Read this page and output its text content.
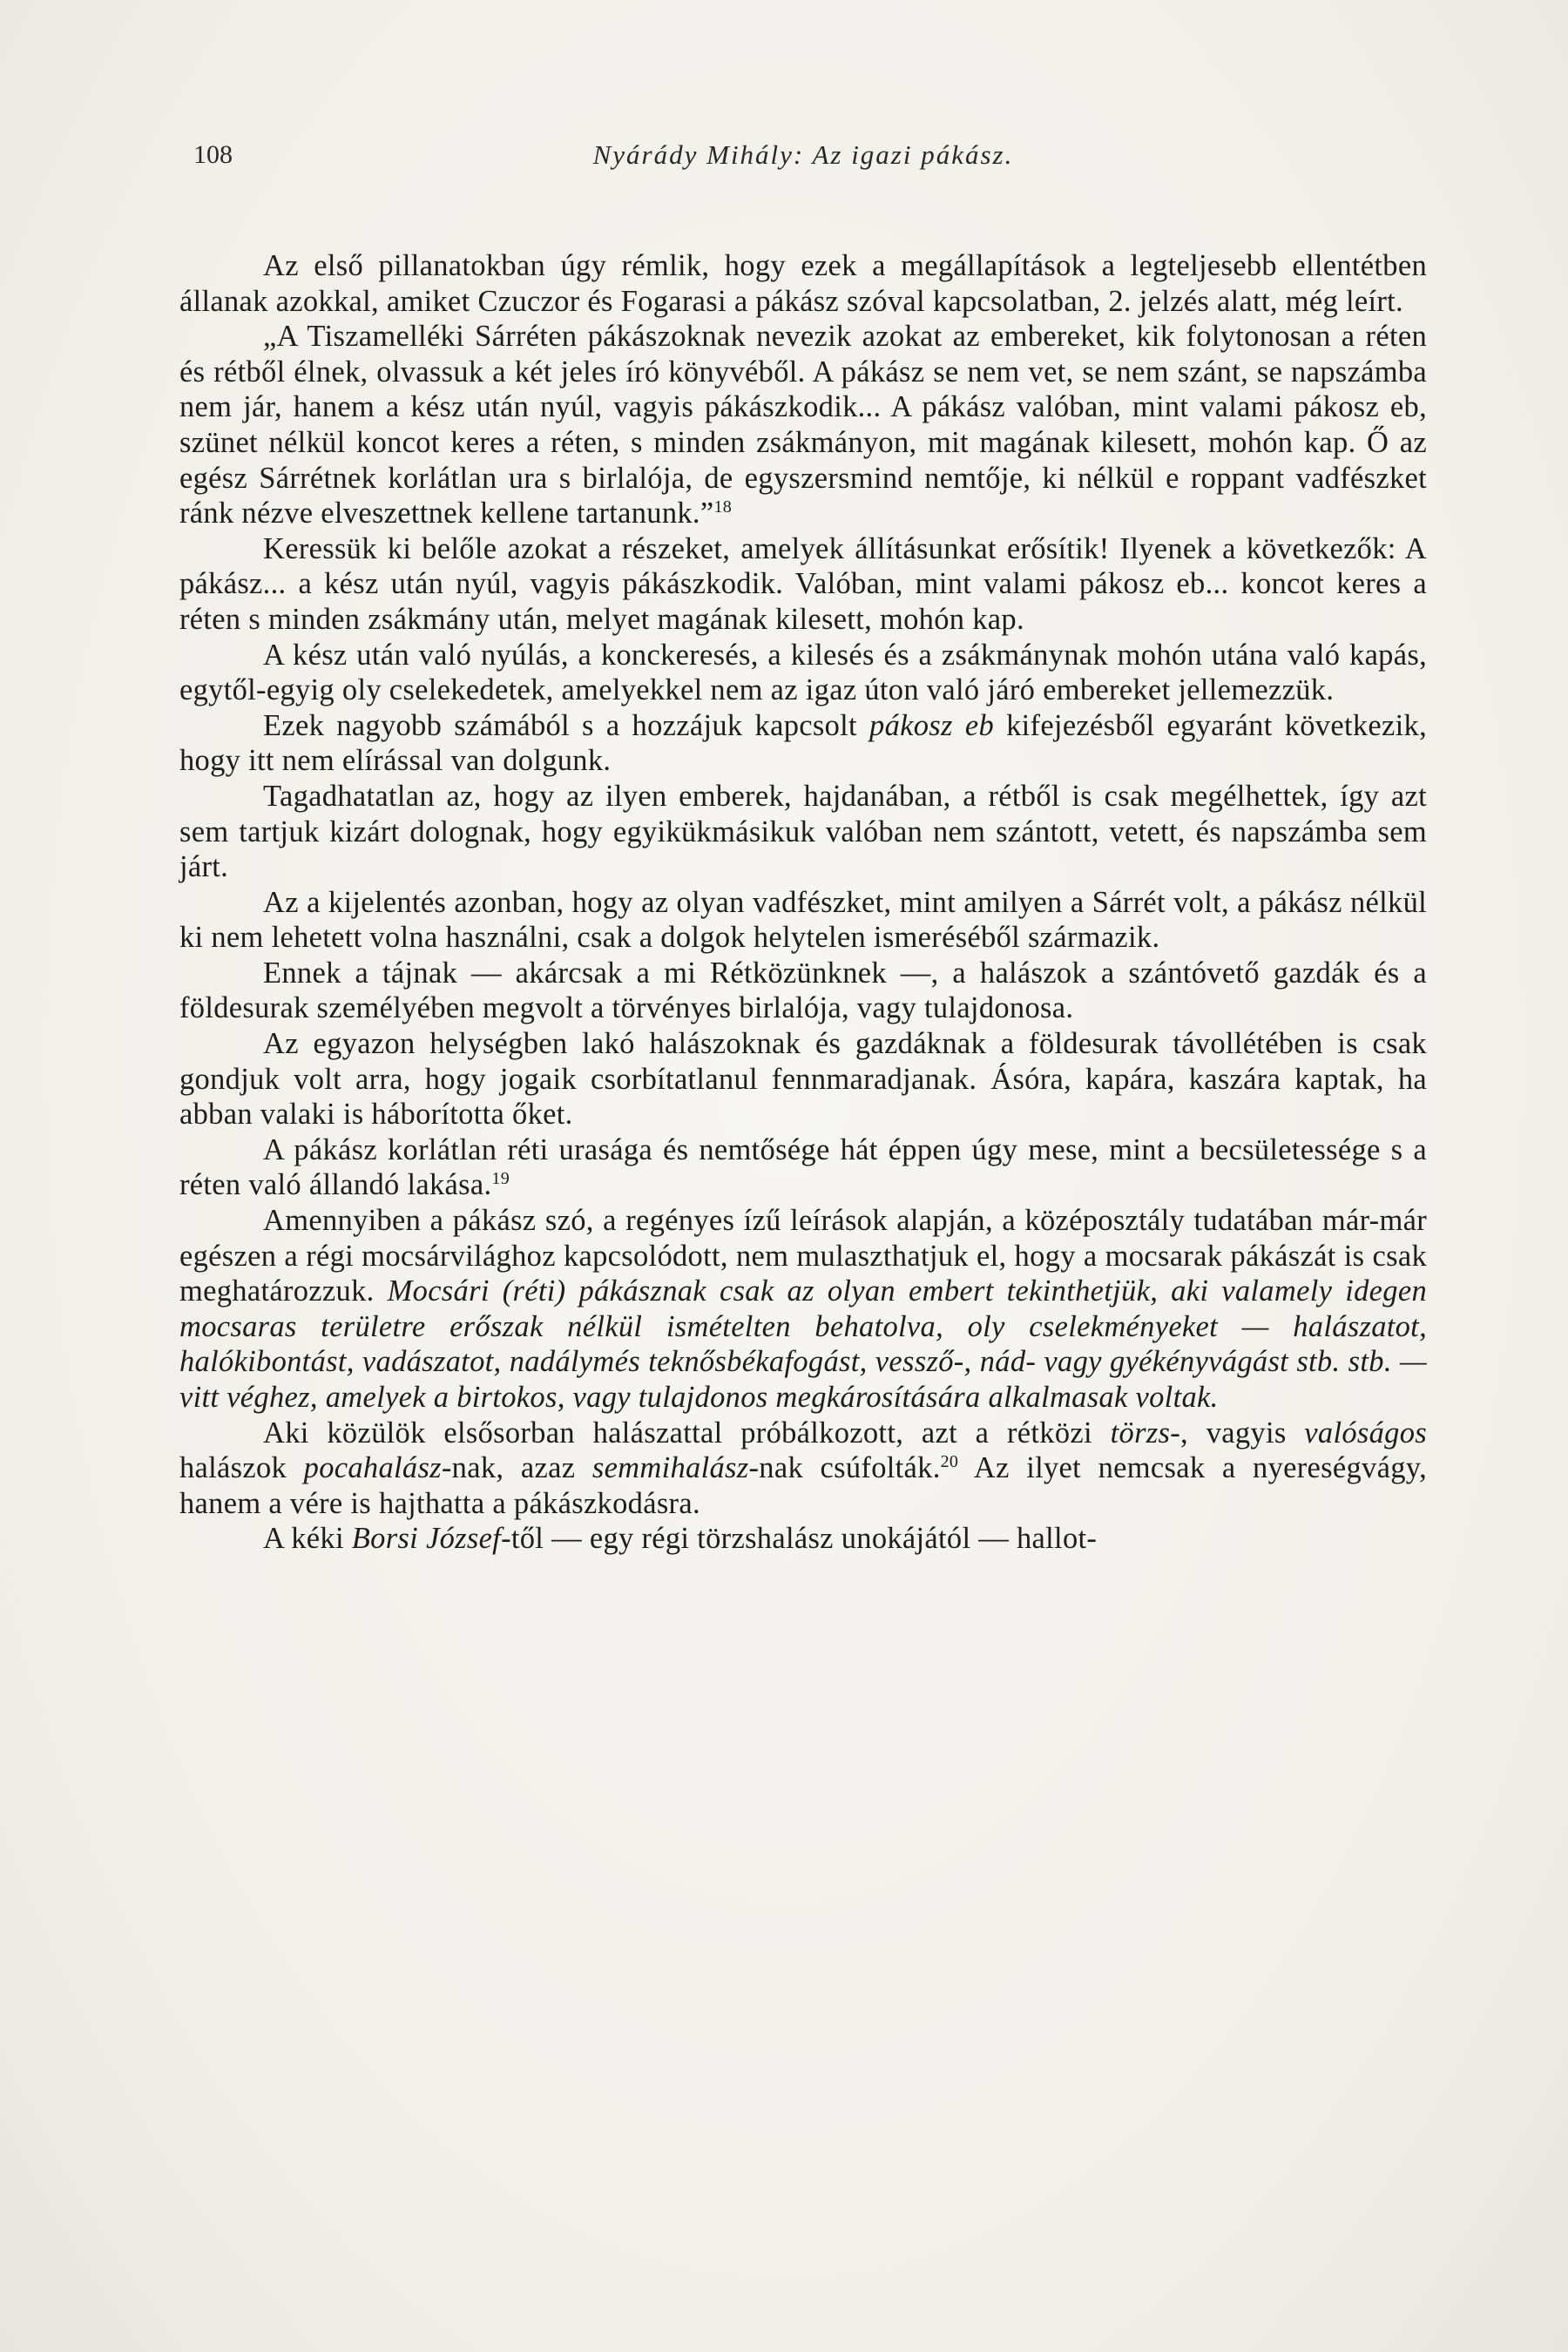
108	Nyárády Mihály: Az igazi pákász.

Az első pillanatokban úgy rémlik, hogy ezek a megállapítások a legteljesebb ellentétben állanak azokkal, amiket Czuczor és Fogarasi a pákász szóval kapcsolatban, 2. jelzés alatt, még leírt.

„A Tiszamelléki Sárréten pákászoknak nevezik azokat az embereket, kik folytonosan a réten és rétből élnek, olvassuk a két jeles író könyvéből. A pákász se nem vet, se nem szánt, se napszámba nem jár, hanem a kész után nyúl, vagyis pákászkodik... A pákász valóban, mint valami pákosz eb, szünet nélkül koncot keres a réten, s minden zsákmányon, mit magának kilesett, mohón kap. Ő az egész Sárrétnek korlátlan ura s birlalója, de egyszersmind nemtője, ki nélkül e roppant vadfészket ránk nézve elveszettnek kellene tartanunk.”$^{18}$

Keressük ki belőle azokat a részeket, amelyek állításunkat erősítik! Ilyenek a következők: A pákász... a kész után nyúl, vagyis pákászkodik. Valóban, mint valami pákosz eb... koncot keres a réten s minden zsákmány után, melyet magának kilesett, mohón kap.

A kész után való nyúlás, a konckeresés, a kilesés és a zsákmánynak mohón utána való kapás, egytől-egyig oly cselekedetek, amelyekkel nem az igaz úton való járó embereket jellemezzük.

Ezek nagyobb számából s a hozzájuk kapcsolt pákosz eb kifejezésből egyaránt következik, hogy itt nem elírással van dolgunk.

Tagadhatatlan az, hogy az ilyen emberek, hajdanában, a rétből is csak megélhettek, így azt sem tartjuk kizárt dolognak, hogy egyikükmásikuk valóban nem szántott, vetett, és napszámba sem járt.

Az a kijelentés azonban, hogy az olyan vadfészket, mint amilyen a Sárrét volt, a pákász nélkül ki nem lehetett volna használni, csak a dolgok helytelen ismeréséből származik.

Ennek a tájnak — akárcsak a mi Rétközünknek —, a halászok a szántóvető gazdák és a földesurak személyében megvolt a törvényes birlalója, vagy tulajdonosa.

Az egyazon helységben lakó halászoknak és gazdáknak a földesurak távollétében is csak gondjuk volt arra, hogy jogaik csorbítatlanul fennmaradjanak. Ásóra, kapára, kaszára kaptak, ha abban valaki is háborította őket.

A pákász korlátlan réti urasága és nemtősége hát éppen úgy mese, mint a becsületessége s a réten való állandó lakása.$^{19}$

Amennyiben a pákász szó, a regényes ízű leírások alapján, a középosztály tudatában már-már egészen a régi mocsárvilághoz kapcsolódott, nem mulaszthatjuk el, hogy a mocsarak pákászát is csak meghatározzuk. Mocsári (réti) pákásznak csak az olyan embert tekinthetjük, aki valamely idegen mocsaras területre erőszak nélkül ismételten behatolva, oly cselekményeket — halászatot, halókibontást, vadászatot, nadálymés teknősbékafogást, vessző-, nád- vagy gyékényvágást stb. stb. — vitt véghez, amelyek a birtokos, vagy tulajdonos megkárosítására alkalmasak voltak.

Aki közülök elsősorban halászattal próbálkozott, azt a rétközi törzs-, vagyis valóságos halászok pocahalász-nak, azaz semmihalász-nak csúfolták.$^{20}$ Az ilyet nemcsak a nyereségvágy, hanem a vére is hajthatta a pákászkodásra.

A kéki Borsi József-től — egy régi törzshalász unokájától — hallot-
